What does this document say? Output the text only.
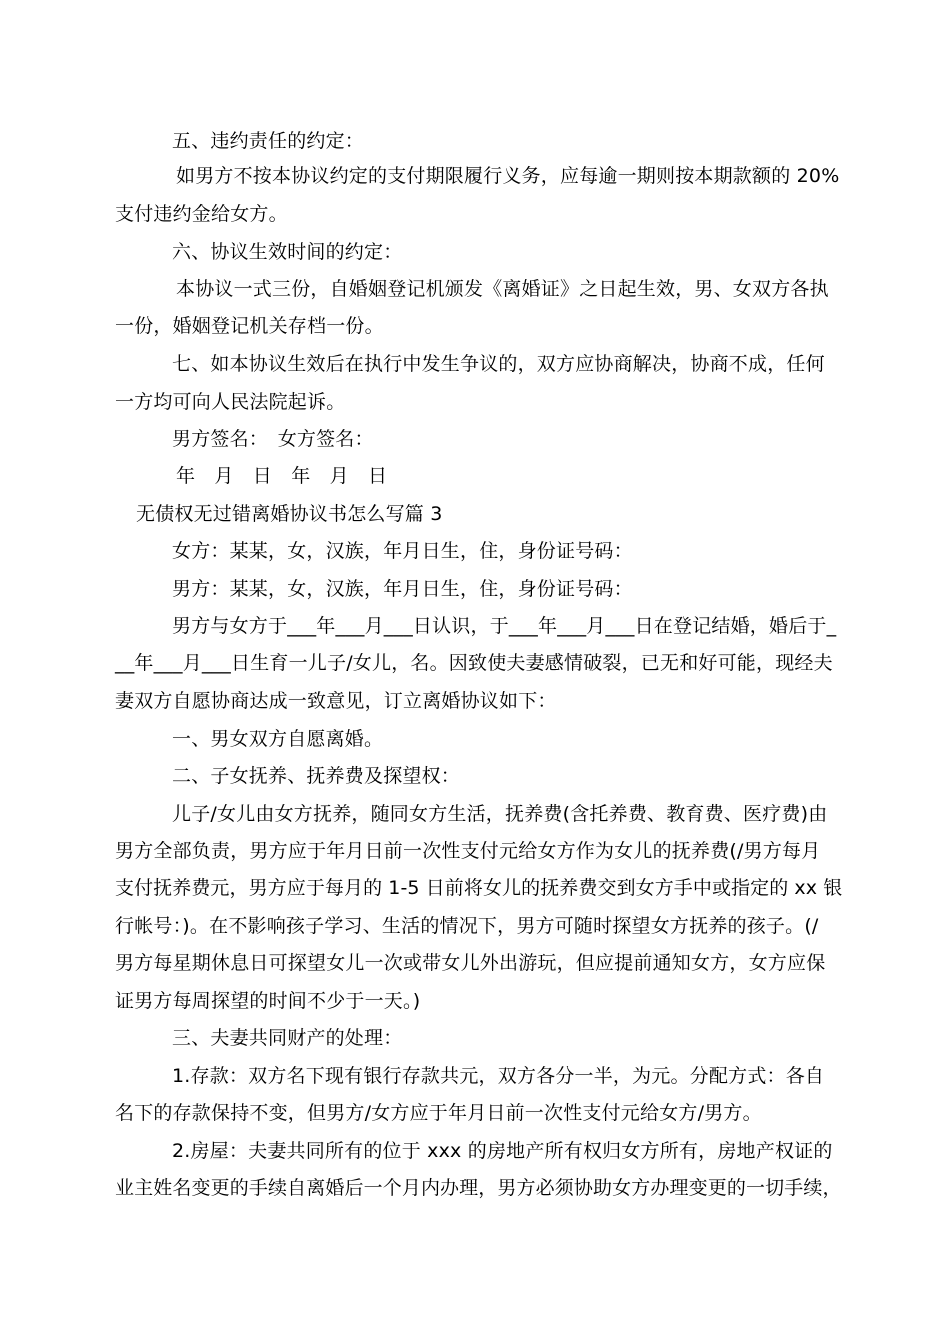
五、违约责任的约定：
如男方不按本协议约定的支付期限履行义务，应每逾一期则按本期款额的 20%
支付违约金给女方。
六、协议生效时间的约定：
本协议一式三份，自婚姻登记机颁发《离婚证》之日起生效，男、女双方各执
一份，婚姻登记机关存档一份。
七、如本协议生效后在执行中发生争议的，双方应协商解决，协商不成，任何
一方均可向人民法院起诉。
男方签名：　女方签名：
年　月　日　年　月　日
无债权无过错离婚协议书怎么写篇 3
女方：某某，女，汉族，年月日生，住，身份证号码：
男方：某某，女，汉族，年月日生，住，身份证号码：
男方与女方于___年___月___日认识，于___年___月___日在登记结婚，婚后于_
__年___月___日生育一儿子/女儿，名。因致使夫妻感情破裂，已无和好可能，现经夫
妻双方自愿协商达成一致意见，订立离婚协议如下：
一、男女双方自愿离婚。
二、子女抚养、抚养费及探望权：
儿子/女儿由女方抚养，随同女方生活，抚养费(含托养费、教育费、医疗费)由
男方全部负责，男方应于年月日前一次性支付元给女方作为女儿的抚养费(/男方每月
支付抚养费元，男方应于每月的 1-5 日前将女儿的抚养费交到女方手中或指定的 xx 银
行帐号：)。在不影响孩子学习、生活的情况下，男方可随时探望女方抚养的孩子。(/
男方每星期休息日可探望女儿一次或带女儿外出游玩，但应提前通知女方，女方应保
证男方每周探望的时间不少于一天。)
三、夫妻共同财产的处理：
1.存款：双方名下现有银行存款共元，双方各分一半，为元。分配方式：各自
名下的存款保持不变，但男方/女方应于年月日前一次性支付元给女方/男方。
2.房屋：夫妻共同所有的位于 xxx 的房地产所有权归女方所有，房地产权证的
业主姓名变更的手续自离婚后一个月内办理，男方必须协助女方办理变更的一切手续，
